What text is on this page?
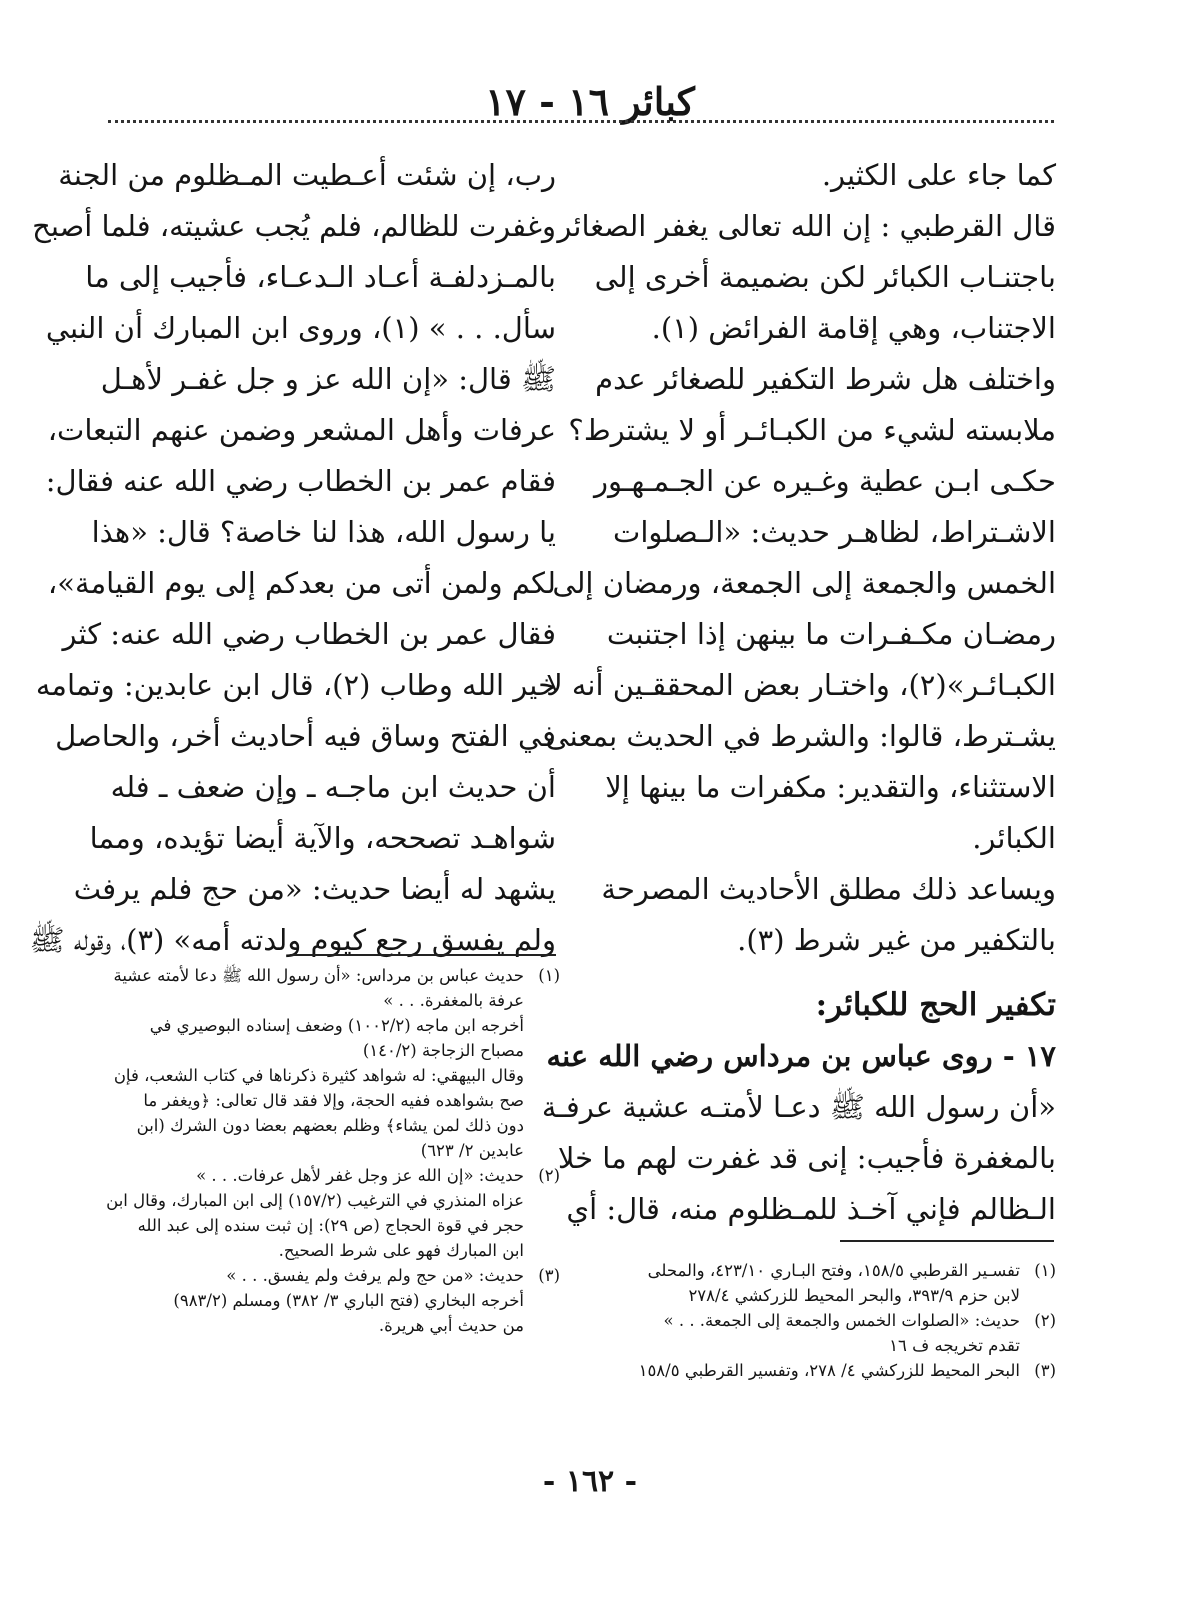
كبائر ١٦ - ١٧
كما جاء على الكثير.
قال القرطبي : إن الله تعالى يغفر الصغائر
باجتنـاب الكبائر لكن بضميمة أخرى إلى
الاجتناب، وهي إقامة الفرائض (١).
واختلف هل شرط التكفير للصغائر عدم
ملابسته لشيء من الكبـائـر أو لا يشترط؟
حكـى ابـن عطية وغـيره عن الجـمـهـور
الاشـتراط، لظاهـر حديث: «الـصلوات
الخمس والجمعة إلى الجمعة، ورمضان إلى
رمضـان مكـفـرات ما بينهن إذا اجتنبت
الكبـائـر»(٢)، واختـار بعض المحققـين أنه لا
يشـترط، قالوا: والشرط في الحديث بمعنى
الاستثناء، والتقدير: مكفرات ما بينها إلا
الكبائر.
ويساعد ذلك مطلق الأحاديث المصرحة
بالتكفير من غير شرط (٣).
تكفير الحج للكبائر:
١٧ - روى عباس بن مرداس رضي الله عنه
«أن رسول الله ﷺ دعـا لأمتـه عشية عرفـة
بالمغفرة فأجيب: إنى قد غفرت لهم ما خلا
الـظالم فإني آخـذ للمـظلوم منه، قال: أي
رب، إن شئت أعـطيت المـظلوم من الجنة
وغفرت للظالم، فلم يُجب عشيته، فلما أصبح
بالمـزدلفـة أعـاد الـدعـاء، فأجيب إلى ما
سأل. . . » (١)، وروى ابن المبارك أن النبي
ﷺ قال: «إن الله عز و جل غفـر لأهـل
عرفات وأهل المشعر وضمن عنهم التبعات،
فقام عمر بن الخطاب رضي الله عنه فقال:
يا رسول الله، هذا لنا خاصة؟ قال: «هذا
لكم ولمن أتى من بعدكم إلى يوم القيامة»،
فقال عمر بن الخطاب رضي الله عنه: كثر
خير الله وطاب (٢)، قال ابن عابدين: وتمامه
في الفتح وساق فيه أحاديث أخر، والحاصل
أن حديث ابن ماجـه ـ وإن ضعف ـ فله
شواهـد تصححه، والآية أيضا تؤيده، ومما
يشهد له أيضا حديث: «من حج فلم يرفث
ولم يفسق رجع كيوم ولدته أمه» (٣)، وقوله ﷺ
(١)
تفسـير القرطبي ١٥٨/٥، وفتح البـاري ٤٢٣/١٠، والمحلى
لابن حزم ٣٩٣/٩، والبحر المحيط للزركشي ٢٧٨/٤
(٢)
حديث: «الصلوات الخمس والجمعة إلى الجمعة. . . »
تقدم تخريجه ف ١٦
(٣)
البحر المحيط للزركشي ٤/ ٢٧٨، وتفسير القرطبي ١٥٨/٥
(١)
حديث عباس بن مرداس: «أن رسول الله ﷺ دعا لأمته عشية
عرفة بالمغفرة. . . »
أخرجه ابن ماجه (١٠٠٢/٢) وضعف إسناده البوصيري في
مصباح الزجاجة (١٤٠/٢)
وقال البيهقي: له شواهد كثيرة ذكرناها في كتاب الشعب، فإن
صح بشواهده ففيه الحجة، وإلا فقد قال تعالى: ﴿ويغفر ما
دون ذلك لمن يشاء﴾ وظلم بعضهم بعضا دون الشرك (ابن
عابدين ٢/ ٦٢٣)
(٢)
حديث: «إن الله عز وجل غفر لأهل عرفات. . . »
عزاه المنذري في الترغيب (١٥٧/٢) إلى ابن المبارك، وقال ابن
حجر في قوة الحجاج (ص ٢٩): إن ثبت سنده إلى عبد الله
ابن المبارك فهو على شرط الصحيح.
(٣)
حديث: «من حج ولم يرفث ولم يفسق. . . »
أخرجه البخاري (فتح الباري ٣/ ٣٨٢) ومسلم (٩٨٣/٢)
من حديث أبي هريرة.
- ١٦٢ -
